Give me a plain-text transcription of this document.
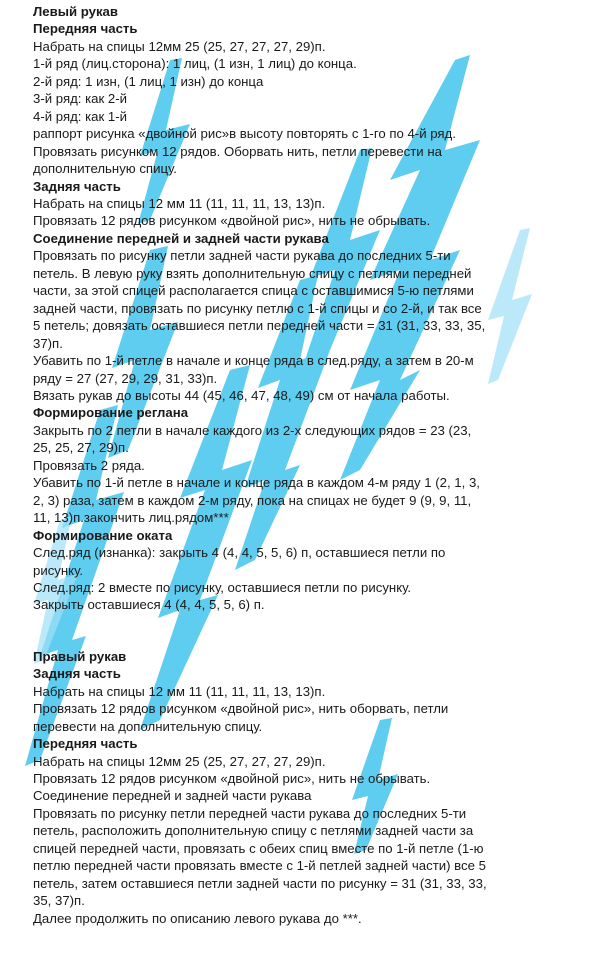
Левый рукав
Передняя часть
Набрать на спицы 12мм 25 (25, 27, 27, 27, 29)п.
1-й ряд (лиц.сторона): 1 лиц, (1 изн, 1 лиц) до конца.
2-й ряд: 1 изн, (1 лиц, 1 изн) до конца
3-й ряд: как 2-й
4-й ряд: как 1-й
раппорт рисунка «двойной рис»в высоту повторять с 1-го по 4-й ряд.
Провязать рисунком 12 рядов. Оборвать нить, петли перевести на
дополнительную спицу.
Задняя часть
Набрать на спицы 12 мм 11 (11, 11, 11, 13, 13)п.
Провязать 12 рядов рисунком «двойной рис», нить не обрывать.
Соединение передней и задней части рукава
Провязать по рисунку петли задней части рукава до последних 5-ти
петель. В левую руку взять дополнительную спицу с петлями передней
части, за этой спицей располагается спица с оставшимися 5-ю петлями
задней части, провязать по рисунку петлю с 1-й спицы и со 2-й, и так все
5 петель; довязать оставшиеся петли передней части = 31 (31, 33, 33, 35,
37)п.
Убавить по 1-й петле в начале и конце ряда в след.ряду, а затем в 20-м
ряду = 27 (27, 29, 29, 31, 33)п.
Вязать рукав до высоты 44 (45, 46, 47, 48, 49) см от начала работы.
Формирование реглана
Закрыть по 2 петли в начале каждого из 2-х следующих рядов = 23 (23,
25, 25, 27, 29)п.
Провязать 2 ряда.
Убавить по 1-й петле в начале и конце ряда в каждом 4-м ряду 1 (2, 1, 3,
2, 3) раза, затем в каждом 2-м ряду, пока на спицах не будет 9 (9, 9, 11,
11, 13)п.закончить лиц.рядом***
Формирование оката
След.ряд (изнанка): закрыть 4 (4, 4, 5, 5, 6) п, оставшиеся петли по
рисунку.
След.ряд: 2 вместе по рисунку, оставшиеся петли по рисунку.
Закрыть оставшиеся 4 (4, 4, 5, 5, 6) п.
Правый рукав
Задняя часть
Набрать на спицы 12 мм 11 (11, 11, 11, 13, 13)п.
Провязать 12 рядов рисунком «двойной рис», нить оборвать, петли
перевести на дополнительную спицу.
Передняя часть
Набрать на спицы 12мм 25 (25, 27, 27, 27, 29)п.
Провязать 12 рядов рисунком «двойной рис», нить не обрывать.
Соединение передней и задней части рукава
Провязать по рисунку петли передней части рукава до последних 5-ти
петель, расположить дополнительную спицу с петлями задней части за
спицей передней части, провязать с обеих спиц вместе по 1-й петле (1-ю
петлю передней части провязать вместе с 1-й петлей задней части) все 5
петель, затем оставшиеся петли задней части по рисунку = 31 (31, 33, 33,
35, 37)п.
Далее продолжить по описанию левого рукава до ***.
